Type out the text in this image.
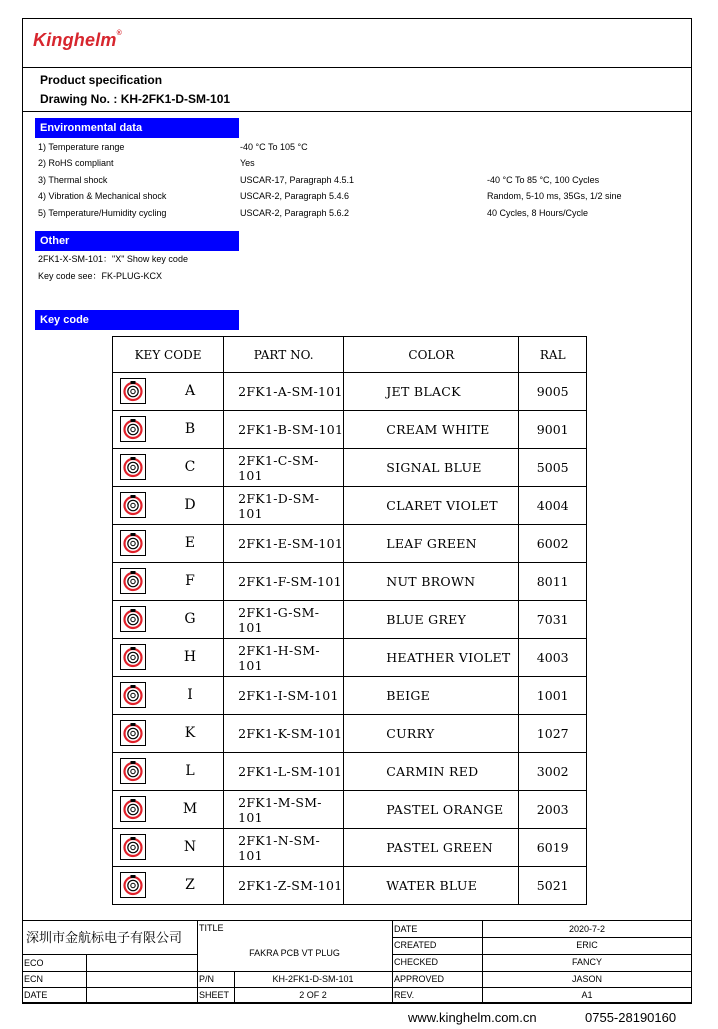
Kinghelm®
Product specification
Drawing No. : KH-2FK1-D-SM-101
Environmental data
1) Temperature range	-40 °C To 105 °C
2) RoHS compliant	Yes
3) Thermal shock	USCAR-17, Paragraph 4.5.1	-40 °C To 85 °C, 100 Cycles
4) Vibration & Mechanical shock	USCAR-2, Paragraph 5.4.6	Random, 5-10 ms, 35Gs, 1/2 sine
5) Temperature/Humidity cycling	USCAR-2, Paragraph 5.6.2	40 Cycles, 8 Hours/Cycle
Other
2FK1-X-SM-101："X" Show key code
Key code see：FK-PLUG-KCX
Key code
KEY CODE	PART NO.	COLOR	RAL

A	2FK1-A-SM-101	JET BLACK	9005

B	2FK1-B-SM-101	CREAM WHITE	9001

C	2FK1-C-SM-101	SIGNAL BLUE	5005

D	2FK1-D-SM-101	CLARET VIOLET	4004

E	2FK1-E-SM-101	LEAF GREEN	6002

F	2FK1-F-SM-101	NUT BROWN	8011

G	2FK1-G-SM-101	BLUE GREY	7031

H	2FK1-H-SM-101	HEATHER VIOLET	4003

I	2FK1-I-SM-101	BEIGE	1001

K	2FK1-K-SM-101	CURRY	1027

L	2FK1-L-SM-101	CARMIN RED	3002

M	2FK1-M-SM-101	PASTEL ORANGE	2003

N	2FK1-N-SM-101	PASTEL GREEN	6019

Z	2FK1-Z-SM-101	WATER BLUE	5021
深圳市金航标电子有限公司
ECO
ECN
DATE
TITLE
FAKRA PCB VT PLUG
P/N	KH-2FK1-D-SM-101
SHEET	2 OF 2
DATE	2020-7-2
CREATED	ERIC
CHECKED	FANCY
APPROVED	JASON
REV.	A1
www.kinghelm.com.cn	0755-28190160
